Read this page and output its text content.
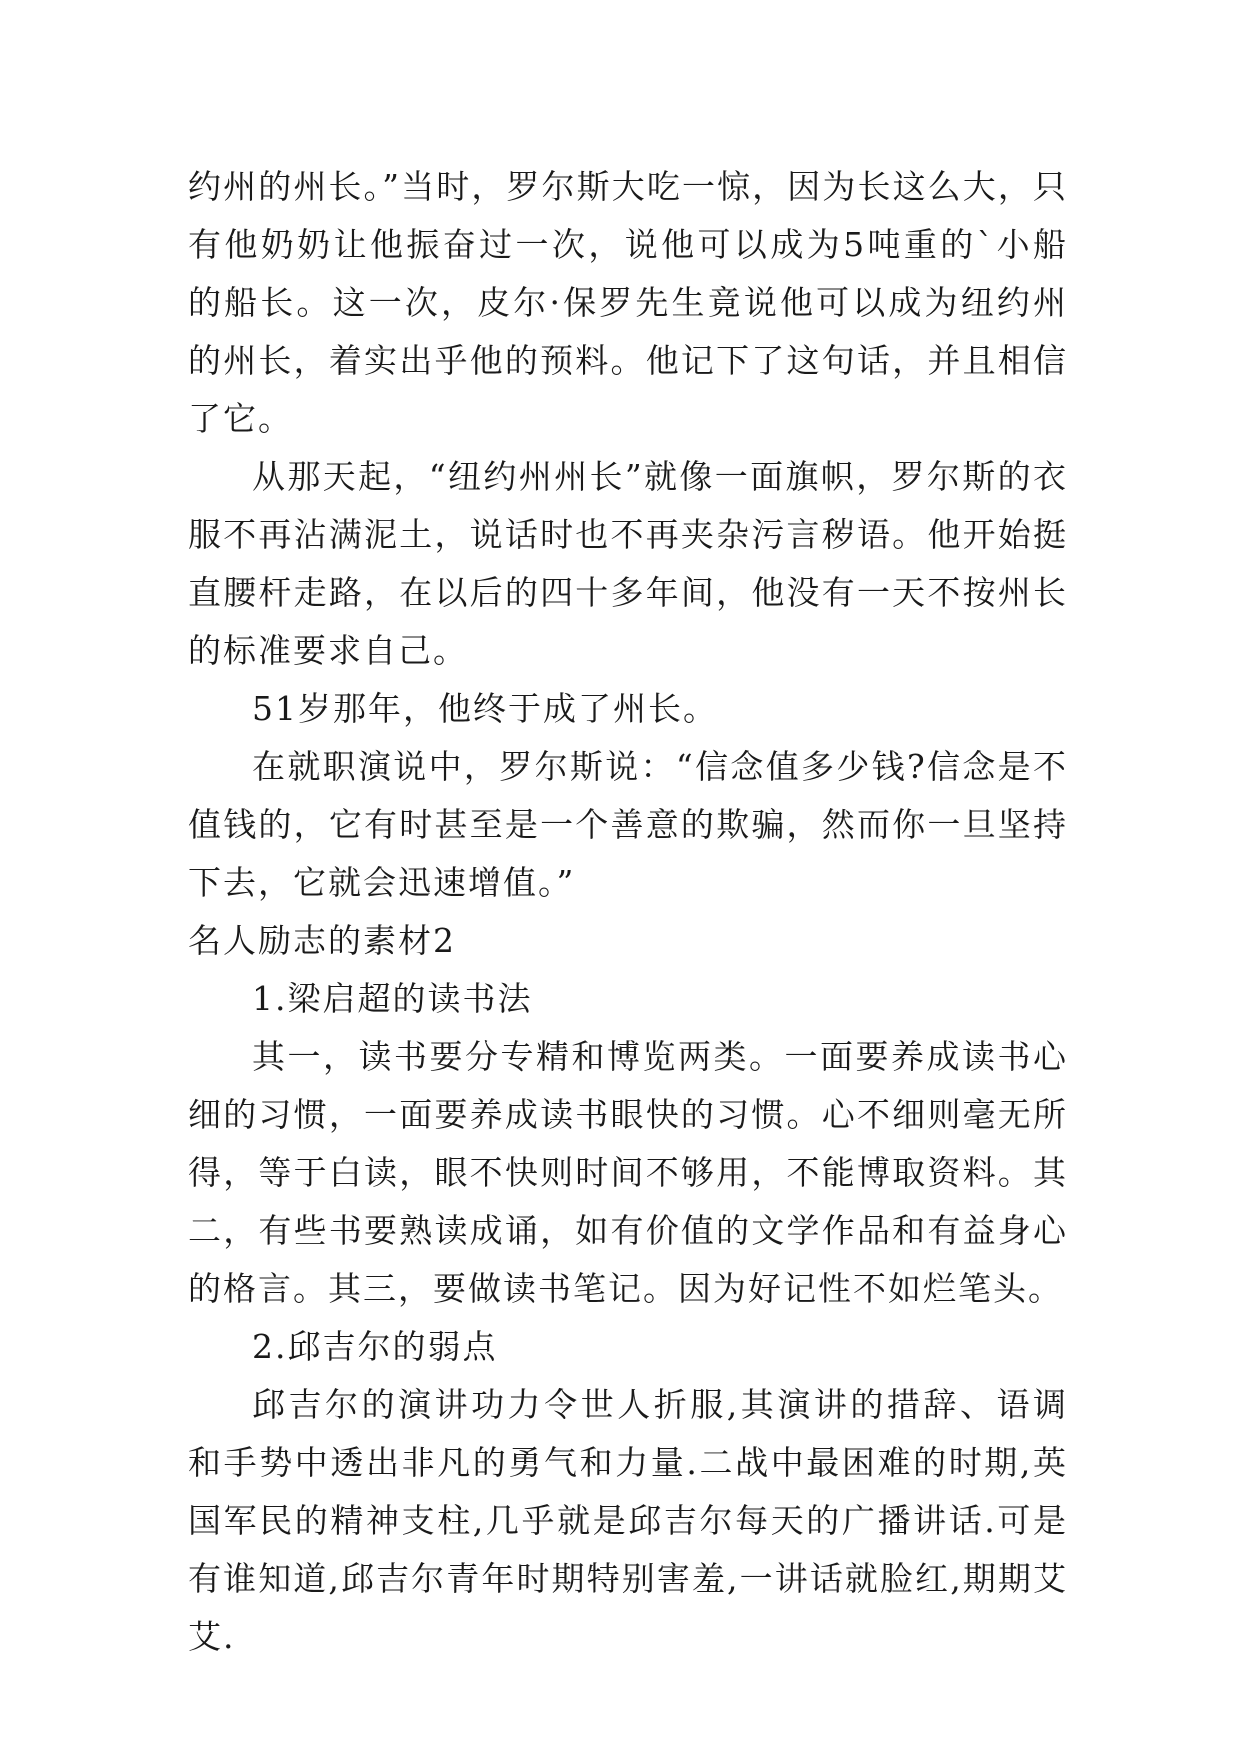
约州的州长。”当时，罗尔斯大吃一惊，因为长这么大，只有他奶奶让他振奋过一次，说他可以成为5吨重的`小船的船长。这一次，皮尔·保罗先生竟说他可以成为纽约州的州长，着实出乎他的预料。他记下了这句话，并且相信了它。

从那天起，“纽约州州长”就像一面旗帜，罗尔斯的衣服不再沾满泥土，说话时也不再夹杂污言秽语。他开始挺直腰杆走路，在以后的四十多年间，他没有一天不按州长的标准要求自己。

51岁那年，他终于成了州长。

在就职演说中，罗尔斯说：“信念值多少钱?信念是不值钱的，它有时甚至是一个善意的欺骗，然而你一旦坚持下去，它就会迅速增值。”

名人励志的素材2

1.梁启超的读书法

其一，读书要分专精和博览两类。一面要养成读书心细的习惯，一面要养成读书眼快的习惯。心不细则毫无所得，等于白读，眼不快则时间不够用，不能博取资料。其二，有些书要熟读成诵，如有价值的文学作品和有益身心的格言。其三，要做读书笔记。因为好记性不如烂笔头。

2.邱吉尔的弱点

邱吉尔的演讲功力令世人折服,其演讲的措辞、语调和手势中透出非凡的勇气和力量.二战中最困难的时期,英国军民的精神支柱,几乎就是邱吉尔每天的广播讲话.可是有谁知道,邱吉尔青年时期特别害羞,一讲话就脸红,期期艾艾.
